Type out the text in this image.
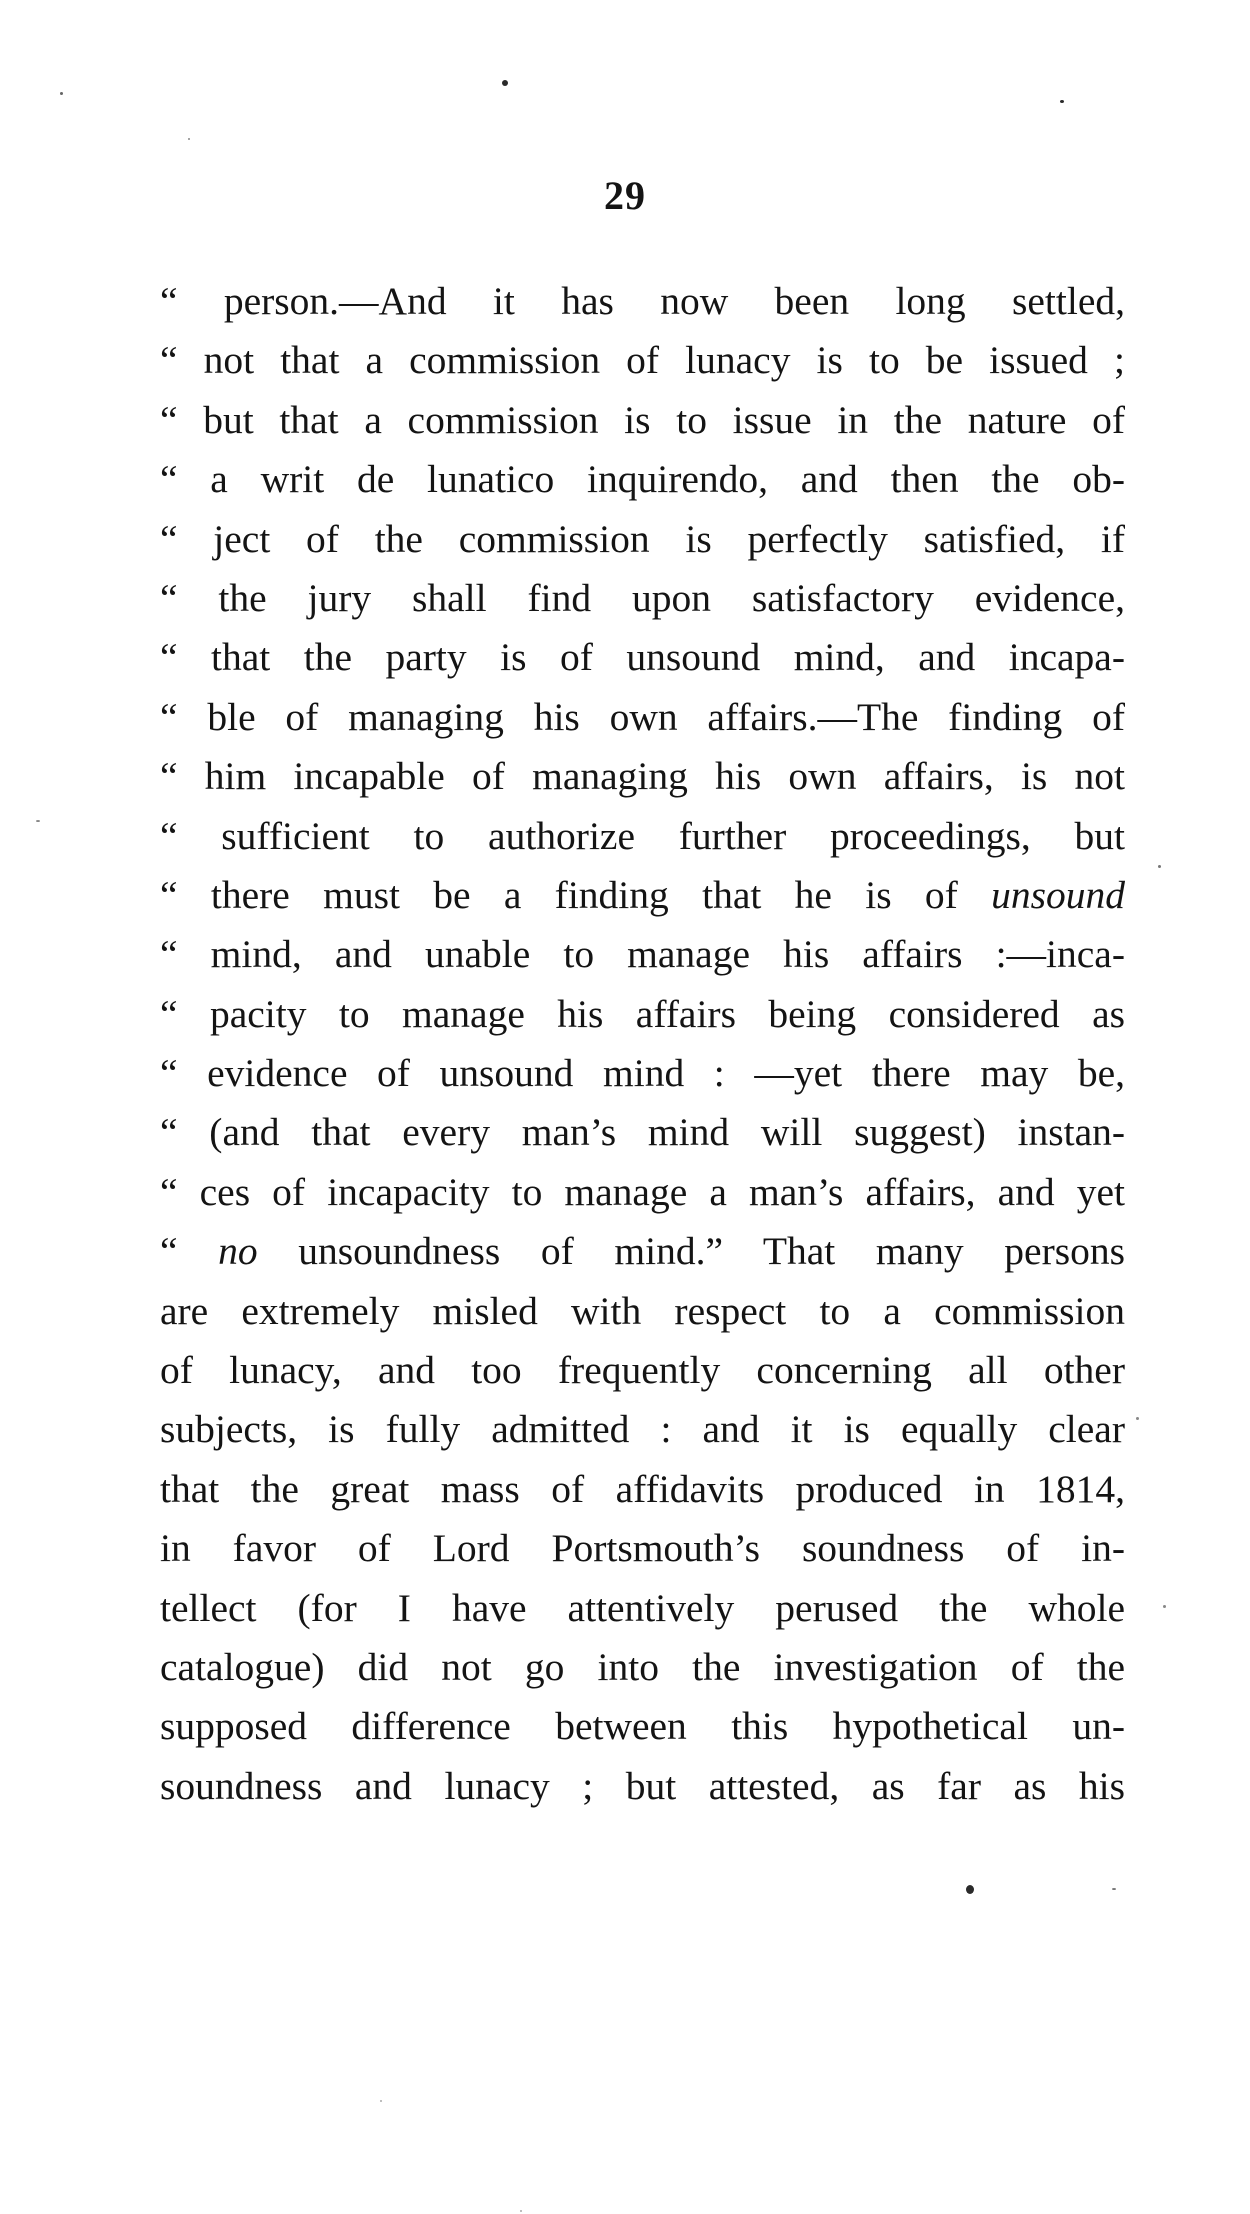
29
“ person.—And it has now been long settled,
“ not that a commission of lunacy is to be issued ;
“ but that a commission is to issue in the nature of
“ a writ de lunatico inquirendo, and then the ob-
“ ject of the commission is perfectly satisfied, if
“ the jury shall find upon satisfactory evidence,
“ that the party is of unsound mind, and incapa-
“ ble of managing his own affairs.—The finding of
“ him incapable of managing his own affairs, is not
“ sufficient to authorize further proceedings, but
“ there must be a finding that he is of unsound
“ mind, and unable to manage his affairs :—inca-
“ pacity to manage his affairs being considered as
“ evidence of unsound mind : —yet there may be,
“ (and that every man’s mind will suggest) instan-
“ ces of incapacity to manage a man’s affairs, and yet
“ no unsoundness of mind.” That many persons
are extremely misled with respect to a commission
of lunacy, and too frequently concerning all other
subjects, is fully admitted : and it is equally clear
that the great mass of affidavits produced in 1814,
in favor of Lord Portsmouth’s soundness of in-
tellect (for I have attentively perused the whole
catalogue) did not go into the investigation of the
supposed difference between this hypothetical un-
soundness and lunacy ; but attested, as far as his
